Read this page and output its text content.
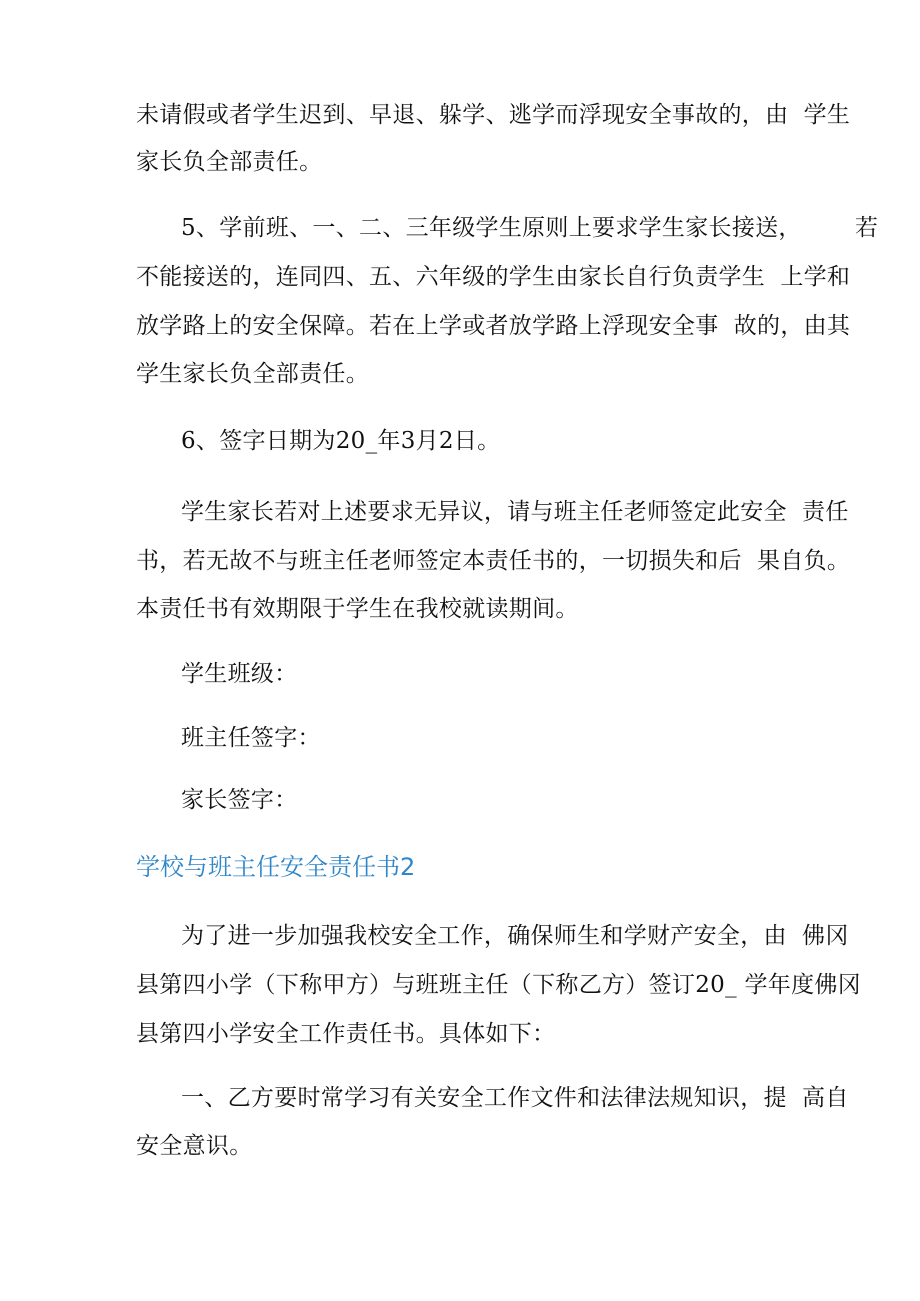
未请假或者学生迟到、早退、躲学、逃学而浮现安全事故的，由  学生
家长负全部责任。
5、学前班、一、二、三年级学生原则上要求学生家长接送，       若
不能接送的，连同四、五、六年级的学生由家长自行负责学生  上学和
放学路上的安全保障。若在上学或者放学路上浮现安全事  故的，由其
学生家长负全部责任。
6、签字日期为20_年3月2日。
学生家长若对上述要求无异议，请与班主任老师签定此安全  责任
书，若无故不与班主任老师签定本责任书的，一切损失和后  果自负。
本责任书有效期限于学生在我校就读期间。
学生班级：
班主任签字：
家长签字：
学校与班主任安全责任书2
为了进一步加强我校安全工作，确保师生和学财产安全，由  佛冈
县第四小学（下称甲方）与班班主任（下称乙方）签订20_ 学年度佛冈
县第四小学安全工作责任书。具体如下：
一、乙方要时常学习有关安全工作文件和法律法规知识，提  高自
安全意识。
